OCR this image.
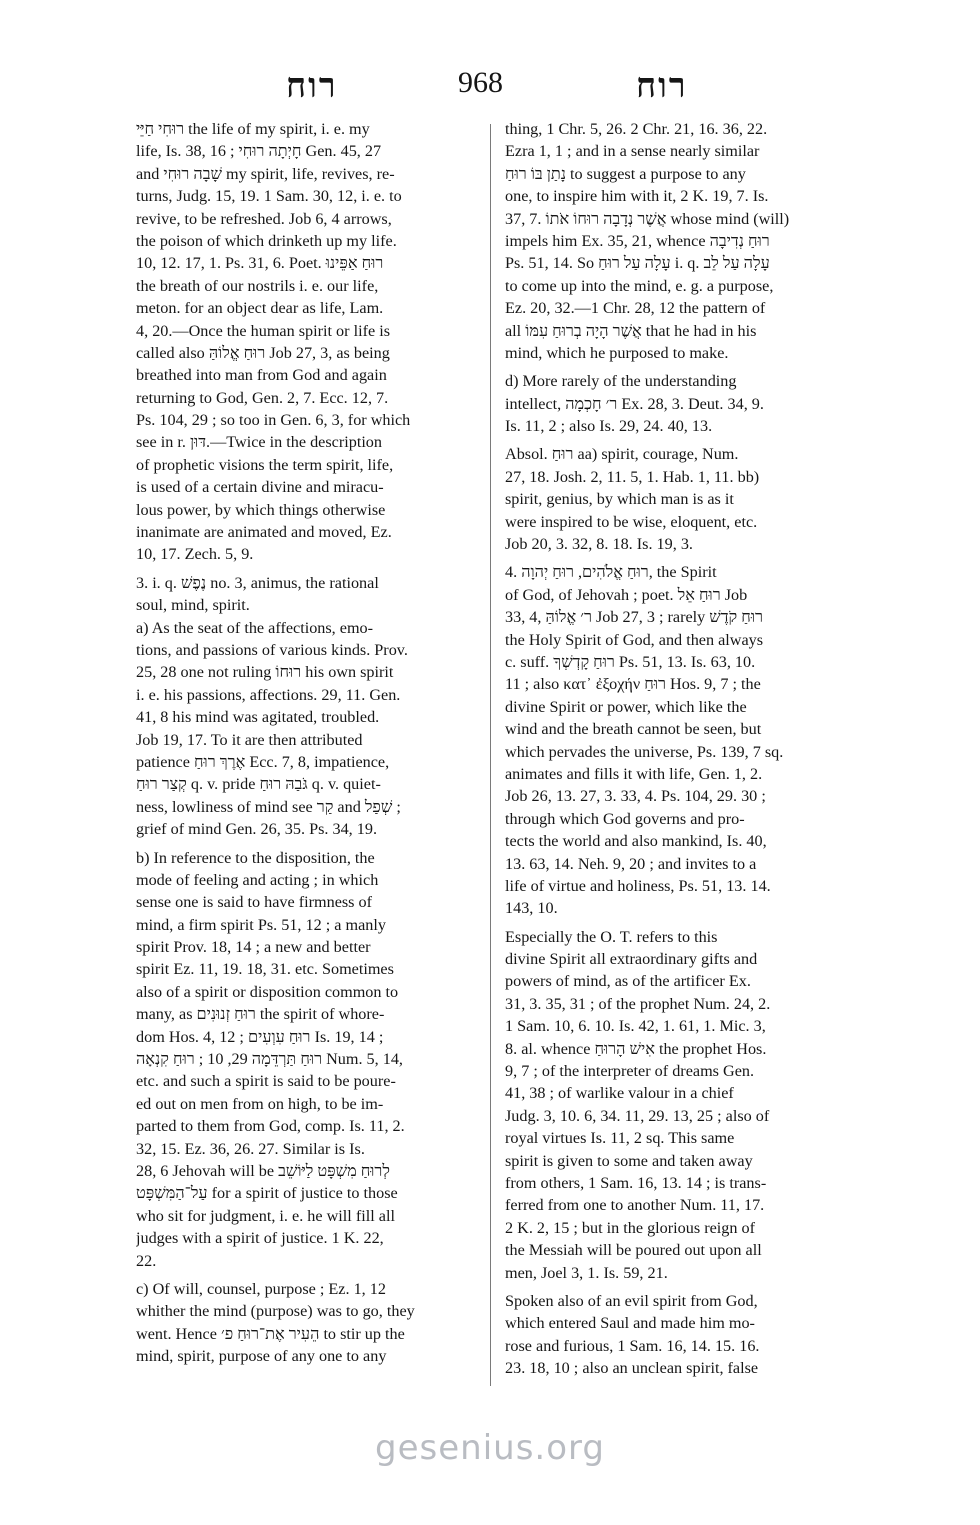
רוח	968	רוח
רוּחִי חַיֵּי the life of my spirit, i. e. my
life, Is. 38, 16 ; חָיְתָה רוּחִי Gen. 45, 27
and שָׁבָה רוּחִי my spirit, life, revives, re-
turns, Judg. 15, 19. 1 Sam. 30, 12, i. e. to
revive, to be refreshed. Job 6, 4 arrows,
the poison of which drinketh up my life.
10, 12. 17, 1. Ps. 31, 6. Poet. רוּחַ אַפֵּינוּ
the breath of our nostrils i. e. our life,
meton. for an object dear as life, Lam.
4, 20.—Once the human spirit or life is
called also רוּחַ אֱלוֹהַּ Job 27, 3, as being
breathed into man from God and again
returning to God, Gen. 2, 7. Ecc. 12, 7.
Ps. 104, 29 ; so too in Gen. 6, 3, for which
see in r. דּוּן.—Twice in the description
of prophetic visions the term spirit, life,
is used of a certain divine and miracu-
lous power, by which things otherwise
inanimate are animated and moved, Ez.
10, 17. Zech. 5, 9.
3. i. q. נֶפֶשׁ no. 3, animus, the rational
soul, mind, spirit.
a) As the seat of the affections, emo-
tions, and passions of various kinds. Prov.
25, 28 one not ruling רוּחוֹ his own spirit
i. e. his passions, affections. 29, 11. Gen.
41, 8 his mind was agitated, troubled.
Job 19, 17. To it are then attributed
patience אֶרֶךְ רוּחַ Ecc. 7, 8, impatience,
קְצַר רוּחַ q. v. pride גֹּבַהּ רוּחַ q. v. quiet-
ness, lowliness of mind see קַר and שְׁפַל ;
grief of mind Gen. 26, 35. Ps. 34, 19.
b) In reference to the disposition, the
mode of feeling and acting ; in which
sense one is said to have firmness of
mind, a firm spirit Ps. 51, 12 ; a manly
spirit Prov. 18, 14 ; a new and better
spirit Ez. 11, 19. 18, 31. etc. Sometimes
also of a spirit or disposition common to
many, as רוּחַ זְנוּנִים the spirit of whore-
dom Hos. 4, 12 ; רוּחַ עִוְעִים Is. 19, 14 ;
רוּחַ תַּרְדֵּמָה 29, 10 ; רוּחַ קִנְאָה Num. 5, 14,
etc. and such a spirit is said to be poure-
ed out on men from on high, to be im-
parted to them from God, comp. Is. 11, 2.
32, 15. Ez. 36, 26. 27. Similar is Is.
28, 6 Jehovah will be לְרוּחַ מִשְׁפָּט לַיּוֹשֵׁב
עַל־הַמִּשְׁפָּט for a spirit of justice to those
who sit for judgment, i. e. he will fill all
judges with a spirit of justice. 1 K. 22,
22.
c) Of will, counsel, purpose ; Ez. 1, 12
whither the mind (purpose) was to go, they
went. Hence הֵעִיר אֶת־רוּחַ פ׳ to stir up the
mind, spirit, purpose of any one to any
thing, 1 Chr. 5, 26. 2 Chr. 21, 16. 36, 22.
Ezra 1, 1 ; and in a sense nearly similar
נָתַן בּוֹ רוּחַ to suggest a purpose to any
one, to inspire him with it, 2 K. 19, 7. Is.
37, 7. אֲשֶׁר נְדָבָה רוּחוֹ אֹתוֹ whose mind (will)
impels him Ex. 35, 21, whence רוּחַ נְדִיבָה
Ps. 51, 14. So עָלָה עַל רוּחַ i. q. עָלָה עַל לֵב
to come up into the mind, e. g. a purpose,
Ez. 20, 32.—1 Chr. 28, 12 the pattern of
all אֲשֶׁר הָיָה בְרוּחַ עִמּוֹ that he had in his
mind, which he purposed to make.
d) More rarely of the understanding
intellect, ר׳ חָכְמָה Ex. 28, 3. Deut. 34, 9.
Is. 11, 2 ; also Is. 29, 24. 40, 13.
Absol. רוּחַ aa) spirit, courage, Num.
27, 18. Josh. 2, 11. 5, 1. Hab. 1, 11. bb)
spirit, genius, by which man is as it
were inspired to be wise, eloquent, etc.
Job 20, 3. 32, 8. 18. Is. 19, 3.
4. רוּחַ אֱלֹהִים, רוּחַ יְהוָה, the Spirit
of God, of Jehovah ; poet. רוּחַ אֵל Job
33, 4, ר׳ אֱלוֹהַּ Job 27, 3 ; rarely רוּחַ קֹדֶשׁ
the Holy Spirit of God, and then always
c. suff. רוּחַ קָדְשְׁךָ Ps. 51, 13. Is. 63, 10.
11 ; also κατ᾽ ἐξοχήν רוּחַ Hos. 9, 7 ; the
divine Spirit or power, which like the
wind and the breath cannot be seen, but
which pervades the universe, Ps. 139, 7 sq.
animates and fills it with life, Gen. 1, 2.
Job 26, 13. 27, 3. 33, 4. Ps. 104, 29. 30 ;
through which God governs and pro-
tects the world and also mankind, Is. 40,
13. 63, 14. Neh. 9, 20 ; and invites to a
life of virtue and holiness, Ps. 51, 13. 14.
143, 10.
Especially the O. T. refers to this
divine Spirit all extraordinary gifts and
powers of mind, as of the artificer Ex.
31, 3. 35, 31 ; of the prophet Num. 24, 2.
1 Sam. 10, 6. 10. Is. 42, 1. 61, 1. Mic. 3,
8. al. whence אִישׁ הָרוּחַ the prophet Hos.
9, 7 ; of the interpreter of dreams Gen.
41, 38 ; of warlike valour in a chief
Judg. 3, 10. 6, 34. 11, 29. 13, 25 ; also of
royal virtues Is. 11, 2 sq. This same
spirit is given to some and taken away
from others, 1 Sam. 16, 13. 14 ; is trans-
ferred from one to another Num. 11, 17.
2 K. 2, 15 ; but in the glorious reign of
the Messiah will be poured out upon all
men, Joel 3, 1. Is. 59, 21.
Spoken also of an evil spirit from God,
which entered Saul and made him mo-
rose and furious, 1 Sam. 16, 14. 15. 16.
23. 18, 10 ; also an unclean spirit, false
gesenius.org
